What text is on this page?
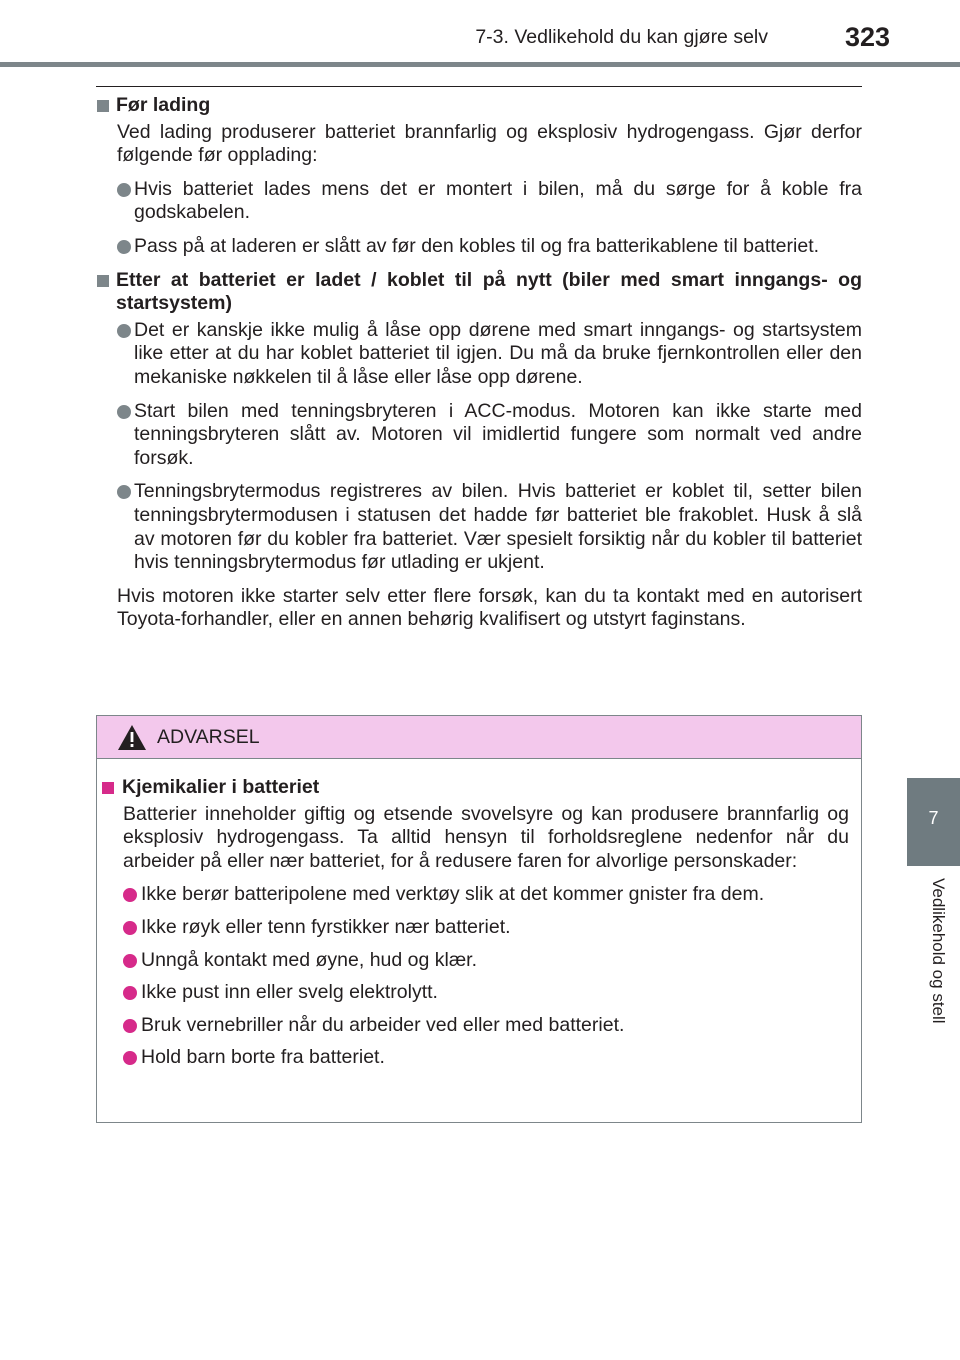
7-3. Vedlikehold du kan gjøre selv	323
7
Vedlikehold og stell
Før lading
Ved lading produserer batteriet brannfarlig og eksplosiv hydrogengass. Gjør derfor følgende før opplading:
Hvis batteriet lades mens det er montert i bilen, må du sørge for å koble fra godskabelen.
Pass på at laderen er slått av før den kobles til og fra batterikablene til batteriet.
Etter at batteriet er ladet / koblet til på nytt (biler med smart inngangs- og startsystem)
Det er kanskje ikke mulig å låse opp dørene med smart inngangs- og startsystem like etter at du har koblet batteriet til igjen. Du må da bruke fjernkontrollen eller den mekaniske nøkkelen til å låse eller låse opp dørene.
Start bilen med tenningsbryteren i ACC-modus. Motoren kan ikke starte med tenningsbryteren slått av. Motoren vil imidlertid fungere som normalt ved andre forsøk.
Tenningsbrytermodus registreres av bilen. Hvis batteriet er koblet til, setter bilen tenningsbrytermodusen i statusen det hadde før batteriet ble frakoblet. Husk å slå av motoren før du kobler fra batteriet. Vær spesielt forsiktig når du kobler til batteriet hvis tenningsbrytermodus før utlading er ukjent.
Hvis motoren ikke starter selv etter flere forsøk, kan du ta kontakt med en autorisert Toyota-forhandler, eller en annen behørig kvalifisert og utstyrt faginstans.
ADVARSEL
Kjemikalier i batteriet
Batterier inneholder giftig og etsende svovelsyre og kan produsere brannfarlig og eksplosiv hydrogengass. Ta alltid hensyn til forholdsreglene nedenfor når du arbeider på eller nær batteriet, for å redusere faren for alvorlige personskader:
Ikke berør batteripolene med verktøy slik at det kommer gnister fra dem.
Ikke røyk eller tenn fyrstikker nær batteriet.
Unngå kontakt med øyne, hud og klær.
Ikke pust inn eller svelg elektrolytt.
Bruk vernebriller når du arbeider ved eller med batteriet.
Hold barn borte fra batteriet.
